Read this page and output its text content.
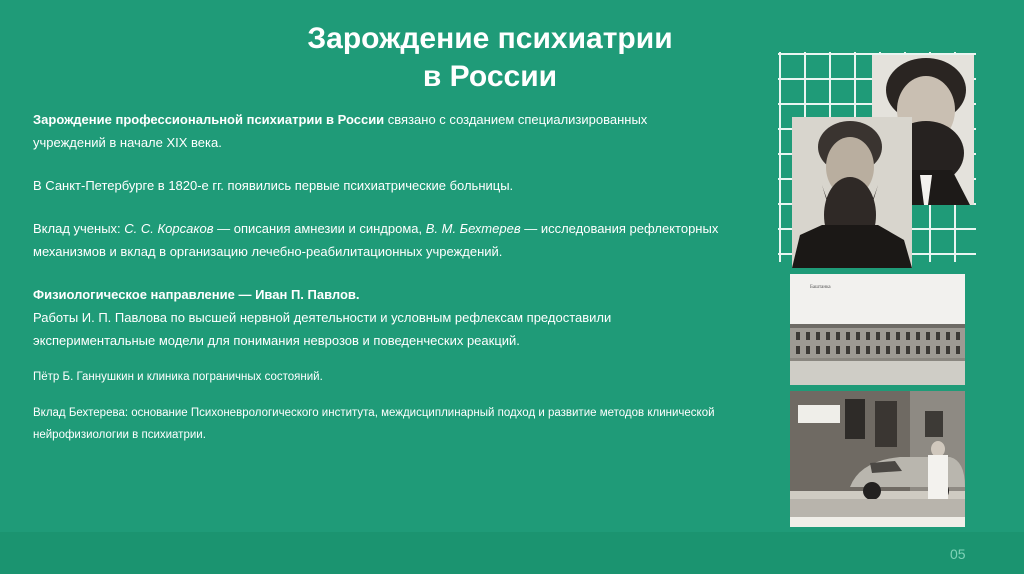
Зарождение психиатрии
в России

Зарождение профессиональной психиатрии в России связано с созданием специализированных учреждений в начале XIX века.

В Санкт-Петербурге в 1820-е гг. появились первые психиатрические больницы.

Вклад ученых: С. С. Корсаков — описания амнезии и синдрома, В. М. Бехтерев — исследования рефлекторных механизмов и вклад в организацию лечебно-реабилитационных учреждений.

Физиологическое направление — Иван П. Павлов.

Работы И. П. Павлова по высшей нервной деятельности и условным рефлексам предоставили экспериментальные модели для понимания неврозов и поведенческих реакций.

Пётр Б. Ганнушкин и клиника пограничных состояний.

Вклад Бехтерева: основание Психоневрологического института, междисциплинарный подход и развитие методов клинической нейрофизиологии в психиатрии.

Баштанка
05
